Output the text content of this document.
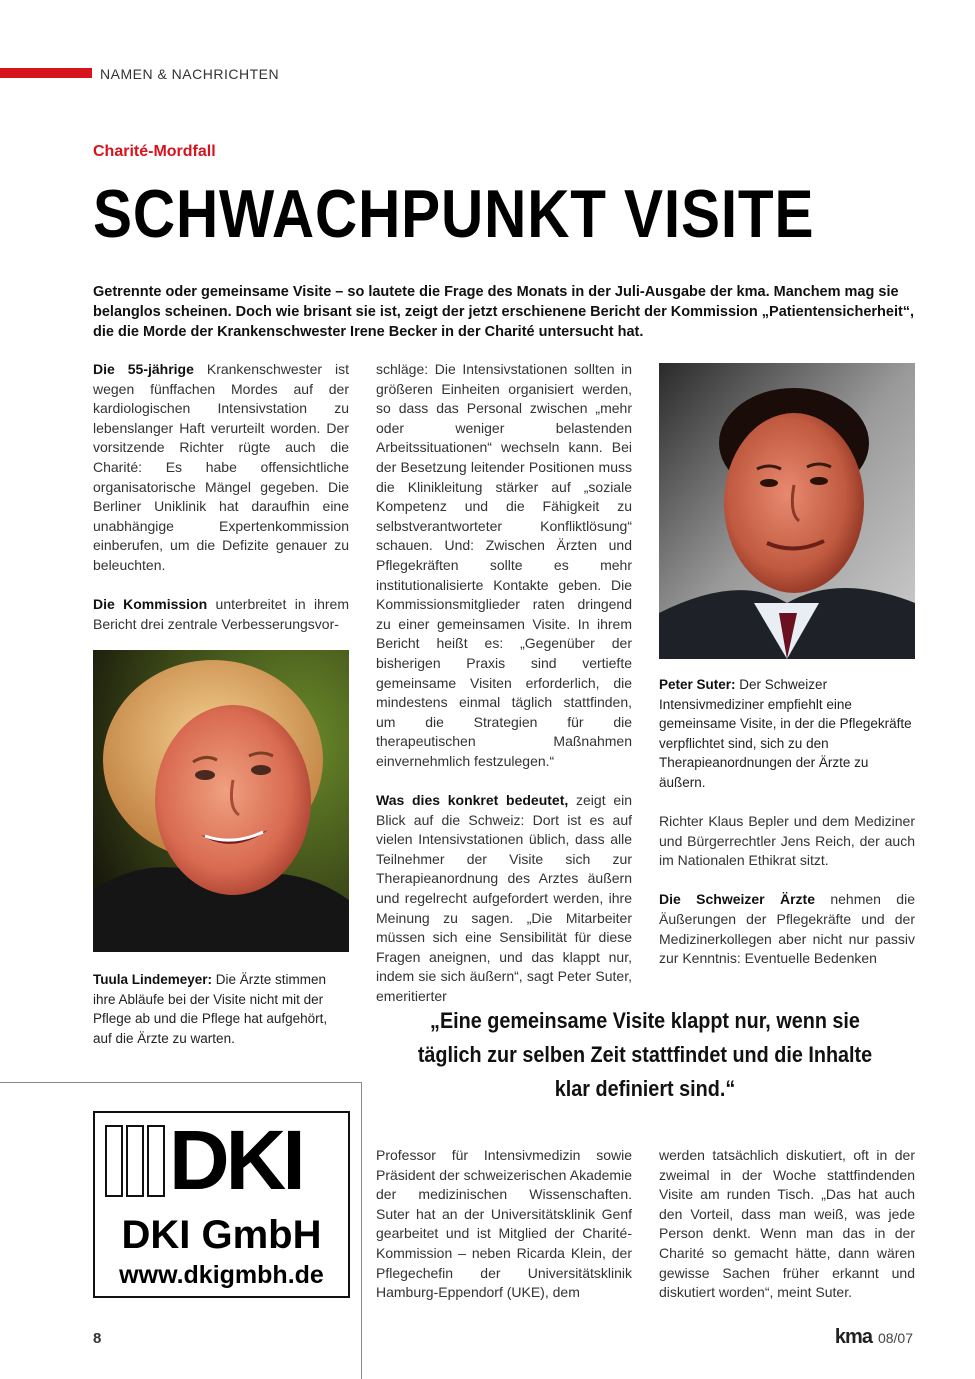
NAMEN & NACHRICHTEN
Charité-Mordfall
SCHWACHPUNKT VISITE
Getrennte oder gemeinsame Visite – so lautete die Frage des Monats in der Juli-Ausgabe der kma. Manchem mag sie belanglos scheinen. Doch wie brisant sie ist, zeigt der jetzt erschienene Bericht der Kommission „Patientensicherheit“, die die Morde der Krankenschwester Irene Becker in der Charité untersucht hat.

Die 55-jährige Krankenschwester ist wegen fünffachen Mordes auf der kardiologischen Intensivstation zu lebenslanger Haft verurteilt worden. Der vorsitzende Richter rügte auch die Charité: Es habe offensichtliche organisatorische Mängel gegeben. Die Berliner Uniklinik hat daraufhin eine unabhängige Expertenkommission einberufen, um die Defizite genauer zu beleuchten.

Die Kommission unterbreitet in ihrem Bericht drei zentrale Verbesserungsvor-

Tuula Lindemeyer: Die Ärzte stimmen ihre Abläufe bei der Visite nicht mit der Pflege ab und die Pflege hat aufgehört, auf die Ärzte zu warten.

schläge: Die Intensivstationen sollten in größeren Einheiten organisiert werden, so dass das Personal zwischen „mehr oder weniger belastenden Arbeitssituationen“ wechseln kann. Bei der Besetzung leitender Positionen muss die Klinikleitung stärker auf „soziale Kompetenz und die Fähigkeit zu selbstverantworteter Konfliktlösung“ schauen. Und: Zwischen Ärzten und Pflegekräften sollte es mehr institutionalisierte Kontakte geben. Die Kommissionsmitglieder raten dringend zu einer gemeinsamen Visite. In ihrem Bericht heißt es: „Gegenüber der bisherigen Praxis sind vertiefte gemeinsame Visiten erforderlich, die mindestens einmal täglich stattfinden, um die Strategien für die therapeutischen Maßnahmen einvernehmlich festzulegen.“

Was dies konkret bedeutet, zeigt ein Blick auf die Schweiz: Dort ist es auf vielen Intensivstationen üblich, dass alle Teilnehmer der Visite sich zur Therapieanordnung des Arztes äußern und regelrecht aufgefordert werden, ihre Meinung zu sagen. „Die Mitarbeiter müssen sich eine Sensibilität für diese Fragen aneignen, und das klappt nur, indem sie sich äußern“, sagt Peter Suter, emeritierter

Peter Suter: Der Schweizer Intensivmediziner empfiehlt eine gemeinsame Visite, in der die Pflegekräfte verpflichtet sind, sich zu den Therapieanordnungen der Ärzte zu äußern.

Richter Klaus Bepler und dem Mediziner und Bürgerrechtler Jens Reich, der auch im Nationalen Ethikrat sitzt.

Die Schweizer Ärzte nehmen die Äußerungen der Pflegekräfte und der Medizinerkollegen aber nicht nur passiv zur Kenntnis: Eventuelle Bedenken

„Eine gemeinsame Visite klappt nur, wenn sie täglich zur selben Zeit stattfindet und die Inhalte klar definiert sind.“
DKI
DKI GmbH
www.dkigmbh.de

Professor für Intensivmedizin sowie Präsident der schweizerischen Akademie der medizinischen Wissenschaften. Suter hat an der Universitätsklinik Genf gearbeitet und ist Mitglied der Charité-Kommission – neben Ricarda Klein, der Pflegechefin der Universitätsklinik Hamburg-Eppendorf (UKE), dem

werden tatsächlich diskutiert, oft in der zweimal in der Woche stattfindenden Visite am runden Tisch. „Das hat auch den Vorteil, dass man weiß, was jede Person denkt. Wenn man das in der Charité so gemacht hätte, dann wären gewisse Sachen früher erkannt und diskutiert worden“, meint Suter.

8	kma 08/07
